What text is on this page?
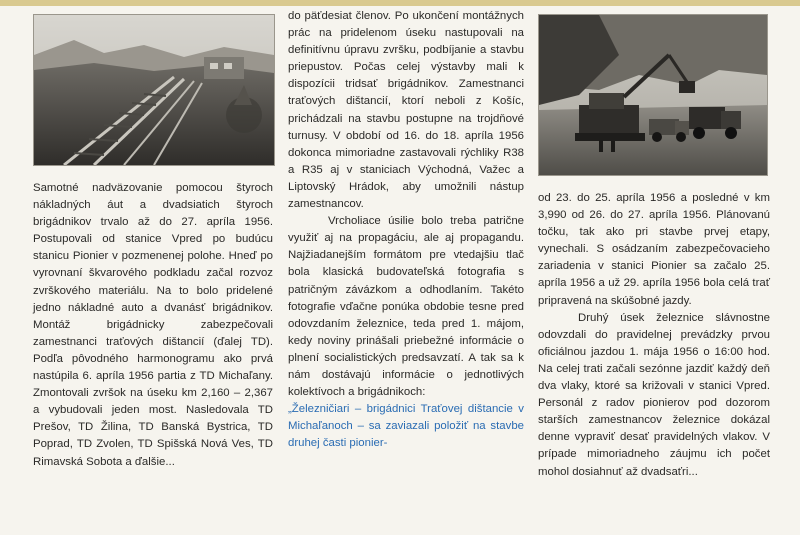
Samotné nadväzovanie pomocou štyroch nákladných áut a dvadsiatich štyroch brigádnikov trvalo až do 27. apríla 1956. Postupovali od stanice Vpred po budúcu stanicu Pionier v pozmenenej polohe. Hneď po vyrovnaní škvarového podkladu začal rozvoz zvrškového materiálu. Na to bolo pridelené jedno nákladné auto a dvanásť brigádnikov. Montáž brigádnicky zabezpečovali zamestnanci traťových dištancií (ďalej TD). Podľa pôvodného harmonogramu ako prvá nastúpila 6. apríla 1956 partia z TD Michaľany. Zmontovali zvršok na úseku km 2,160 – 2,367 a vybudovali jeden most. Nasledovala TD Prešov, TD Žilina, TD Banská Bystrica, TD Poprad, TD Zvolen, TD Spišská Nová Ves, TD Rimavská Sobota a ďalšie...

do päťdesiat členov. Po ukončení montážnych prác na pridelenom úseku nastupovali na definitívnu úpravu zvršku, podbíjanie a stavbu priepustov. Počas celej výstavby mali k dispozícii tridsať brigádnikov. Zamestnanci traťových dištancií, ktorí neboli z Košíc, prichádzali na stavbu postupne na trojdňové turnusy. V období od 16. do 18. apríla 1956 dokonca mimoriadne zastavovali rýchliky R38 a R35 aj v staniciach Východná, Važec a Liptovský Hrádok, aby umožnili nástup zamestnancov.

Vrcholiace úsilie bolo treba patrične využiť aj na propagáciu, ale aj propagandu. Najžiadanejším formátom pre vtedajšiu tlač bola klasická budovateľská fotografia s patričným závázkom a odhodlaním. Takéto fotografie vďačne ponúka obdobie tesne pred odovzdaním železnice, teda pred 1. májom, kedy noviny prinášali priebežné informácie o plnení socialistických predsavzatí. A tak sa k nám dostávajú informácie o jednotlivých kolektívoch a brigádnikoch:

„Železničiari – brigádnici Traťovej dištancie v Michaľanoch – sa zaviazali položiť na stavbe druhej časti pionier-

od 23. do 25. apríla 1956 a posledné v km 3,990 od 26. do 27. apríla 1956. Plánovanú točku, tak ako pri stavbe prvej etapy, vynechali. S osádzaním zabezpečovacieho zariadenia v stanici Pionier sa začalo 25. apríla 1956 a už 29. apríla 1956 bola celá trať pripravená na skúšobné jazdy.

Druhý úsek železnice slávnostne odovzdali do pravidelnej prevádzky prvou oficiálnou jazdou 1. mája 1956 o 16:00 hod. Na celej trati začali sezónne jazdiť každý deň dva vlaky, ktoré sa križovali v stanici Vpred. Personál z radov pionierov pod dozorom starších zamestnancov železnice dokázal denne vypraviť desať pravidelných vlakov. V prípade mimoriadneho záujmu ich počet mohol dosiahnuť až dvadsaťri...
